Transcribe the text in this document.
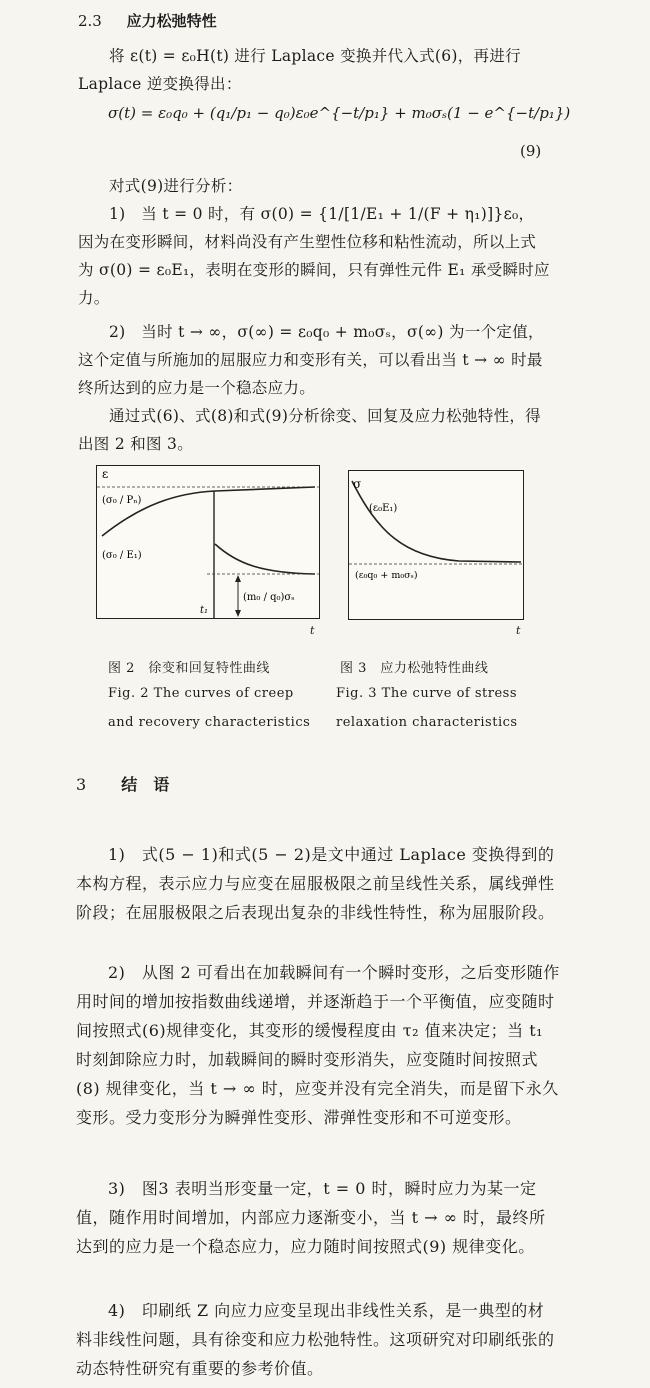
2.3 应力松弛特性
将 ε(t) = ε₀H(t) 进行 Laplace 变换并代入式(6)，再进行 Laplace 逆变换得出：
σ(t) = ε₀q₀ + (q₁/p₁ − q₀)ε₀e^{−t/p₁} + m₀σₛ(1 − e^{−t/p₁})
(9)
对式(9)进行分析：
1)　当 t = 0 时，有 σ(0) = {1/[1/E₁ + 1/(F + η₁)]}ε₀，因为在变形瞬间，材料尚没有产生塑性位移和粘性流动，所以上式为 σ(0) = ε₀E₁，表明在变形的瞬间，只有弹性元件 E₁ 承受瞬时应力。
2)　当时 t → ∞，σ(∞) = ε₀q₀ + m₀σₛ，σ(∞) 为一个定值，这个定值与所施加的屈服应力和变形有关，可以看出当 t → ∞ 时最终所达到的应力是一个稳态应力。
通过式(6)、式(8)和式(9)分析徐变、回复及应力松弛特性，得出图 2 和图 3。
ε
(σ₀ / Pₙ)
(σ₀ / E₁)
(m₀ / q₀)σₛ
t₁
t
σ
(ε₀E₁)
(ε₀q₀ + m₀σₛ)
t
图 2　徐变和回复特性曲线
Fig. 2 The curves of creep
and recovery characteristics
图 3　应力松弛特性曲线
Fig. 3 The curve of stress
relaxation characteristics
3 结　语
1)　式(5 − 1)和式(5 − 2)是文中通过 Laplace 变换得到的本构方程，表示应力与应变在屈服极限之前呈线性关系，属线弹性阶段；在屈服极限之后表现出复杂的非线性特性，称为屈服阶段。
2)　从图 2 可看出在加载瞬间有一个瞬时变形，之后变形随作用时间的增加按指数曲线递增，并逐渐趋于一个平衡值，应变随时间按照式(6)规律变化，其变形的缓慢程度由 τ₂ 值来决定；当 t₁ 时刻卸除应力时，加载瞬间的瞬时变形消失，应变随时间按照式(8) 规律变化，当 t → ∞ 时，应变并没有完全消失，而是留下永久变形。受力变形分为瞬弹性变形、滞弹性变形和不可逆变形。
3)　图3 表明当形变量一定，t = 0 时，瞬时应力为某一定值，随作用时间增加，内部应力逐渐变小，当 t → ∞ 时，最终所达到的应力是一个稳态应力，应力随时间按照式(9) 规律变化。
4)　印刷纸 Z 向应力应变呈现出非线性关系，是一典型的材料非线性问题，具有徐变和应力松弛特性。这项研究对印刷纸张的动态特性研究有重要的参考价值。
